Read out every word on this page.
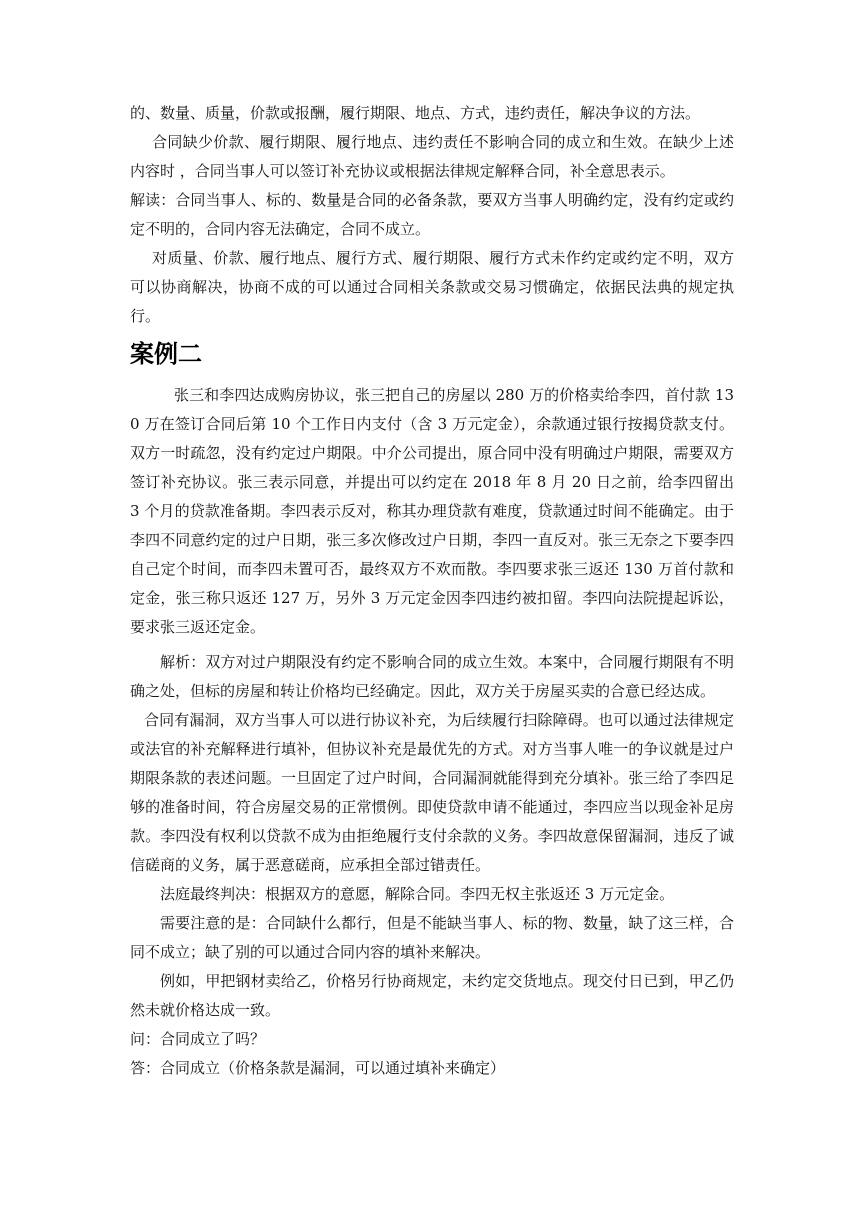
的、数量、质量，价款或报酬，履行期限、地点、方式，违约责任，解决争议的方法。

合同缺少价款、履行期限、履行地点、违约责任不影响合同的成立和生效。在缺少上述内容时 ，合同当事人可以签订补充协议或根据法律规定解释合同，补全意思表示。

解读：合同当事人、标的、数量是合同的必备条款，要双方当事人明确约定，没有约定或约定不明的，合同内容无法确定，合同不成立。

对质量、价款、履行地点、履行方式、履行期限、履行方式未作约定或约定不明，双方可以协商解决，协商不成的可以通过合同相关条款或交易习惯确定，依据民法典的规定执行。

案例二

张三和李四达成购房协议，张三把自己的房屋以 280 万的价格卖给李四，首付款 130 万在签订合同后第 10 个工作日内支付（含 3 万元定金），余款通过银行按揭贷款支付。双方一时疏忽，没有约定过户期限。中介公司提出，原合同中没有明确过户期限，需要双方签订补充协议。张三表示同意，并提出可以约定在 2018 年 8 月 20 日之前，给李四留出 3 个月的贷款准备期。李四表示反对，称其办理贷款有难度，贷款通过时间不能确定。由于李四不同意约定的过户日期，张三多次修改过户日期，李四一直反对。张三无奈之下要李四自己定个时间，而李四未置可否，最终双方不欢而散。李四要求张三返还 130 万首付款和定金，张三称只返还 127 万，另外 3 万元定金因李四违约被扣留。李四向法院提起诉讼，要求张三返还定金。

解析：双方对过户期限没有约定不影响合同的成立生效。本案中，合同履行期限有不明确之处，但标的房屋和转让价格均已经确定。因此，双方关于房屋买卖的合意已经达成。

合同有漏洞，双方当事人可以进行协议补充，为后续履行扫除障碍。也可以通过法律规定或法官的补充解释进行填补，但协议补充是最优先的方式。对方当事人唯一的争议就是过户期限条款的表述问题。一旦固定了过户时间，合同漏洞就能得到充分填补。张三给了李四足够的准备时间，符合房屋交易的正常惯例。即使贷款申请不能通过，李四应当以现金补足房款。李四没有权利以贷款不成为由拒绝履行支付余款的义务。李四故意保留漏洞，违反了诚信磋商的义务，属于恶意磋商，应承担全部过错责任。

法庭最终判决：根据双方的意愿，解除合同。李四无权主张返还 3 万元定金。

需要注意的是：合同缺什么都行，但是不能缺当事人、标的物、数量，缺了这三样，合同不成立；缺了别的可以通过合同内容的填补来解决。

例如，甲把钢材卖给乙，价格另行协商规定，未约定交货地点。现交付日已到，甲乙仍然未就价格达成一致。

问：合同成立了吗？

答：合同成立（价格条款是漏洞，可以通过填补来确定）
